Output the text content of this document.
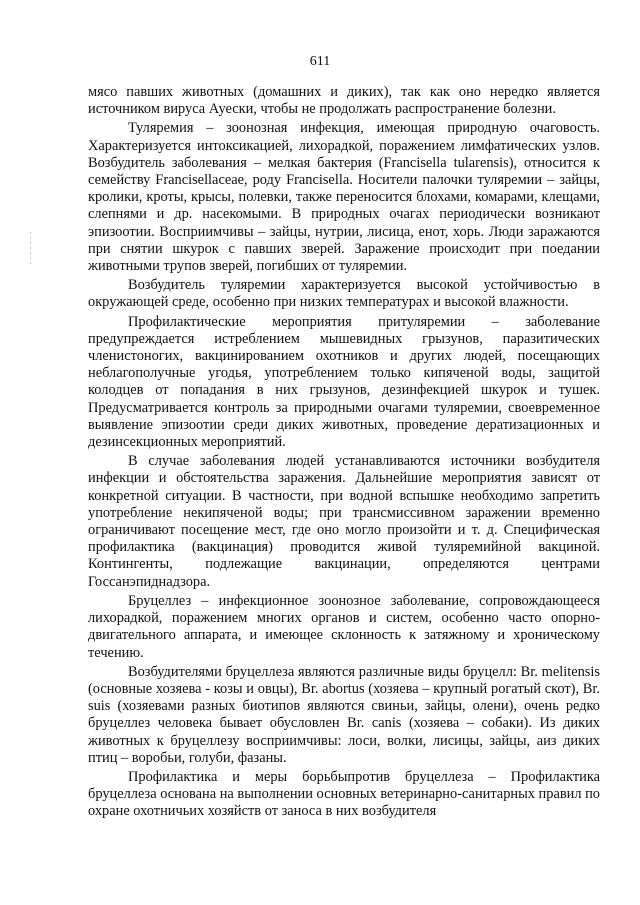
611

мясо павших животных (домашних и диких), так как оно нередко является источником вируса Ауески, чтобы не продолжать распространение болезни.

Туляремия – зоонозная инфекция, имеющая природную очаговость. Характеризуется интоксикацией, лихорадкой, поражением лимфатических узлов. Возбудитель заболевания – мелкая бактерия (Francisella tularensis), относится к семейству Francisellaceae, роду Francisella. Носители палочки туляремии – зайцы, кролики, кроты, крысы, полевки, также переносится блохами, комарами, клещами, слепнями и др. насекомыми. В природных очагах периодически возникают эпизоотии. Восприимчивы – зайцы, нутрии, лисица, енот, хорь. Люди заражаются при снятии шкурок с павших зверей. Заражение происходит при поедании животными трупов зверей, погибших от туляремии.

Возбудитель туляремии характеризуется высокой устойчивостью в окружающей среде, особенно при низких температурах и высокой влажности.

Профилактические мероприятия притуляремии – заболевание предупреждается истреблением мышевидных грызунов, паразитических членистоногих, вакцинированием охотников и других людей, посещающих неблагополучные угодья, употреблением только кипяченой воды, защитой колодцев от попадания в них грызунов, дезинфекцией шкурок и тушек. Предусматривается контроль за природными очагами туляремии, своевременное выявление эпизоотии среди диких животных, проведение дератизационных и дезинсекционных мероприятий.

В случае заболевания людей устанавливаются источники возбудителя инфекции и обстоятельства заражения. Дальнейшие мероприятия зависят от конкретной ситуации. В частности, при водной вспышке необходимо запретить употребление некипяченой воды; при трансмиссивном заражении временно ограничивают посещение мест, где оно могло произойти и т. д. Специфическая профилактика (вакцинация) проводится живой туляремийной вакциной. Контингенты, подлежащие вакцинации, определяются центрами Госсанэпиднадзора.

Бруцеллез – инфекционное зоонозное заболевание, сопровождающееся лихорадкой, поражением многих органов и систем, особенно часто опорно-двигательного аппарата, и имеющее склонность к затяжному и хроническому течению.

Возбудителями бруцеллеза являются различные виды бруцелл: Br. melitensis (основные хозяева - козы и овцы), Br. abortus (хозяева – крупный рогатый скот), Br. suis (хозяевами разных биотипов являются свиньи, зайцы, олени), очень редко бруцеллез человека бывает обусловлен Br. canis (хозяева – собаки). Из диких животных к бруцеллезу восприимчивы: лоси, волки, лисицы, зайцы, аиз диких птиц – воробьи, голуби, фазаны.

Профилактика и меры борьбыпротив бруцеллеза – Профилактика бруцеллеза основана на выполнении основных ветеринарно-санитарных правил по охране охотничьих хозяйств от заноса в них возбудителя
